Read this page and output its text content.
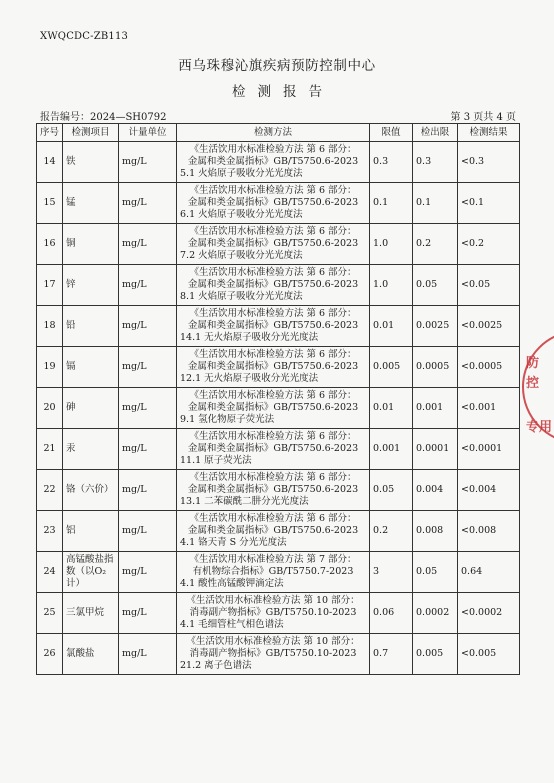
XWQCDC-ZB113
西乌珠穆沁旗疾病预防控制中心
检测报告
报告编号：2024—SH0792	第 3 页共 4 页
序号	检测项目	计量单位	检测方法	限值	检出限	检测结果
14	铁	mg/L	《生活饮用水标准检验方法 第 6 部分：
金属和类金属指标》GB/T5750.6-2023
5.1 火焰原子吸收分光光度法	0.3	0.3	<0.3
15	锰	mg/L	《生活饮用水标准检验方法 第 6 部分：
金属和类金属指标》GB/T5750.6-2023
6.1 火焰原子吸收分光光度法	0.1	0.1	<0.1
16	铜	mg/L	《生活饮用水标准检验方法 第 6 部分：
金属和类金属指标》GB/T5750.6-2023
7.2 火焰原子吸收分光光度法	1.0	0.2	<0.2
17	锌	mg/L	《生活饮用水标准检验方法 第 6 部分：
金属和类金属指标》GB/T5750.6-2023
8.1 火焰原子吸收分光光度法	1.0	0.05	<0.05
18	铅	mg/L	《生活饮用水标准检验方法 第 6 部分：
金属和类金属指标》GB/T5750.6-2023
14.1 无火焰原子吸收分光光度法	0.01	0.0025	<0.0025
19	镉	mg/L	《生活饮用水标准检验方法 第 6 部分：
金属和类金属指标》GB/T5750.6-2023
12.1 无火焰原子吸收分光光度法	0.005	0.0005	<0.0005
20	砷	mg/L	《生活饮用水标准检验方法 第 6 部分：
金属和类金属指标》GB/T5750.6-2023
9.1 氢化物原子荧光法	0.01	0.001	<0.001
21	汞	mg/L	《生活饮用水标准检验方法 第 6 部分：
金属和类金属指标》GB/T5750.6-2023
11.1 原子荧光法	0.001	0.0001	<0.0001
22	铬（六价）	mg/L	《生活饮用水标准检验方法 第 6 部分：
金属和类金属指标》GB/T5750.6-2023
13.1 二苯碳酰二肼分光光度法	0.05	0.004	<0.004
23	铝	mg/L	《生活饮用水标准检验方法 第 6 部分：
金属和类金属指标》GB/T5750.6-2023
4.1 铬天青 S 分光光度法	0.2	0.008	<0.008
24	高锰酸盐指数（以O₂计）	mg/L	《生活饮用水标准检验方法 第 7 部分：
有机物综合指标》GB/T5750.7-2023
4.1 酸性高锰酸钾滴定法	3	0.05	0.64
25	三氯甲烷	mg/L	《生活饮用水标准检验方法 第 10 部分：
消毒副产物指标》GB/T5750.10-2023
4.1 毛细管柱气相色谱法	0.06	0.0002	<0.0002
26	氯酸盐	mg/L	《生活饮用水标准检验方法 第 10 部分：
消毒副产物指标》GB/T5750.10-2023
21.2 离子色谱法	0.7	0.005	<0.005
防
控
专用
